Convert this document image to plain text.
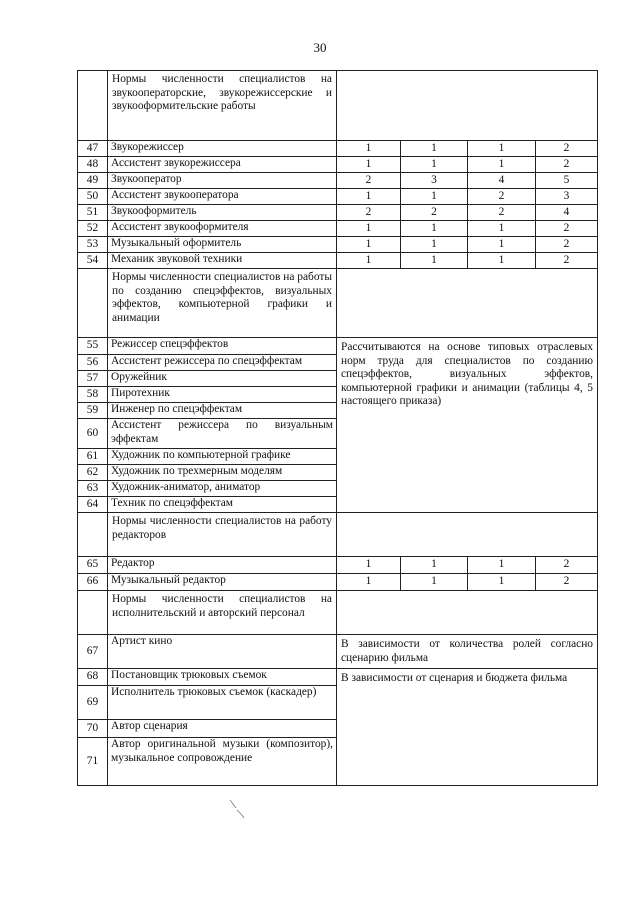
30
	Нормы численности специалистов на звукооператорские, звукорежиссерские и звукооформительские работы				
47	Звукорежиссер	1	1	1	2
48	Ассистент звукорежиссера	1	1	1	2
49	Звукооператор	2	3	4	5
50	Ассистент звукооператора	1	1	2	3
51	Звукооформитель	2	2	2	4
52	Ассистент звукооформителя	1	1	1	2
53	Музыкальный оформитель	1	1	1	2
54	Механик звуковой техники	1	1	1	2
	Нормы численности специалистов на работы по созданию спецэффектов, визуальных эффектов, компьютерной графики и анимации				
55	Режиссер спецэффектов	Рассчитываются на основе типовых отраслевых норм труда для специалистов по созданию спецэффектов, визуальных эффектов, компьютерной графики и анимации (таблицы 4, 5 настоящего приказа)			
56	Ассистент режиссера по спецэффектам				
57	Оружейник				
58	Пиротехник				
59	Инженер по спецэффектам				
60	Ассистент режиссера по визуальным эффектам				
61	Художник по компьютерной графике				
62	Художник по трехмерным моделям				
63	Художник-аниматор, аниматор				
64	Техник по спецэффектам				
	Нормы численности специалистов на работу редакторов				
65	Редактор	1	1	1	2
66	Музыкальный редактор	1	1	1	2
	Нормы численности специалистов на исполнительский и авторский персонал				
67	Артист кино	В зависимости от количества ролей согласно сценарию фильма			
68	Постановщик трюковых съемок	В зависимости от сценария и бюджета фильма			
69	Исполнитель трюковых съемок (каскадер)				
70	Автор сценария				
71	Автор оригинальной музыки (композитор), музыкальное сопровождение				
